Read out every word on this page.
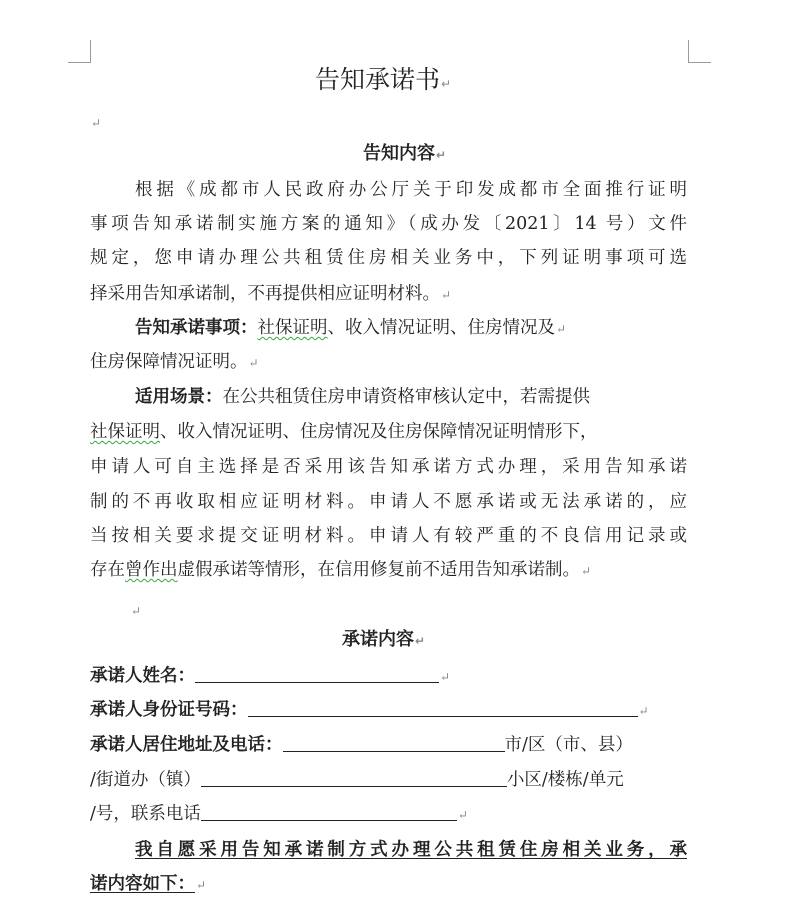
告知承诺书↵
↵
告知内容↵
根据《成都市人民政府办公厅关于印发成都市全面推行证明
事项告知承诺制实施方案的通知》（成办发〔2021〕14 号）文件
规定，您申请办理公共租赁住房相关业务中，下列证明事项可选
择采用告知承诺制，不再提供相应证明材料。↵
告知承诺事项：社保证明、收入情况证明、住房情况及↵
住房保障情况证明。↵
适用场景：在公共租赁住房申请资格审核认定中，若需提供
社保证明、收入情况证明、住房情况及住房保障情况证明情形下，
申请人可自主选择是否采用该告知承诺方式办理，采用告知承诺
制的不再收取相应证明材料。申请人不愿承诺或无法承诺的，应
当按相关要求提交证明材料。申请人有较严重的不良信用记录或
存在曾作出虚假承诺等情形，在信用修复前不适用告知承诺制。↵
↵
承诺内容↵
承诺人姓名：	↵
承诺人身份证号码：	↵
承诺人居住地址及电话：	市/区（市、县）
/街道办（镇）	小区/楼栋/单元
/号，联系电话	↵
我自愿采用告知承诺制方式办理公共租赁住房相关业务，承
诺内容如下：↵
